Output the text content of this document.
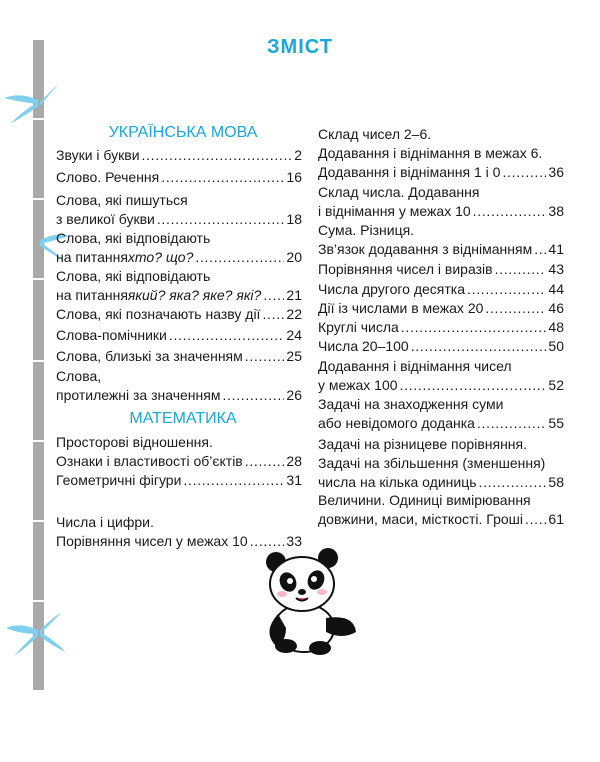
ЗМІСТ
УКРАЇНСЬКА МОВА
МАТЕМАТИКА
Звуки і букви . . .	2
Слово. Речення . . .	16
Слова, які пишуться
з великої букви . . .	18
Слова, які відповідають
на питання хто? що? . . .	20
Слова, які відповідають
на питання який? яка? яке? які? . . . 21
Слова, які позначають назву дії . . . 22
Слова-помічники . . .	24
Слова, близькі за значенням . . .	25
Слова,
протилежні за значенням . . .	26
Просторові відношення.
Ознаки і властивості об’єктів . . .	28
Геометричні фігури . . .	31
Числа і цифри.
Порівняння чисел у межах 10 . . .	33
Склад чисел 2–6.
Додавання і віднімання в межах 6.
Додавання і віднімання 1 і 0 . . .	36
Склад числа. Додавання
і віднімання у межах 10 . . .	38
Сума. Різниця.
Зв’язок додавання з відніманням . . . 41
Порівняння чисел і виразів . . .	43
Числа другого десятка . . .	44
Дії із числами в межах 20 . . .	46
Круглі числа . . .	48
Числа 20–100 . . .	50
Додавання і віднімання чисел
у межах 100 . . .	52
Задачі на знаходження суми
або невідомого доданка . . .	55
Задачі на різницеве порівняння.
Задачі на збільшення (зменшення)
числа на кілька одиниць . . .	58
Величини. Одиниці вимірювання
довжини, маси, місткості. Гроші . . . 61
